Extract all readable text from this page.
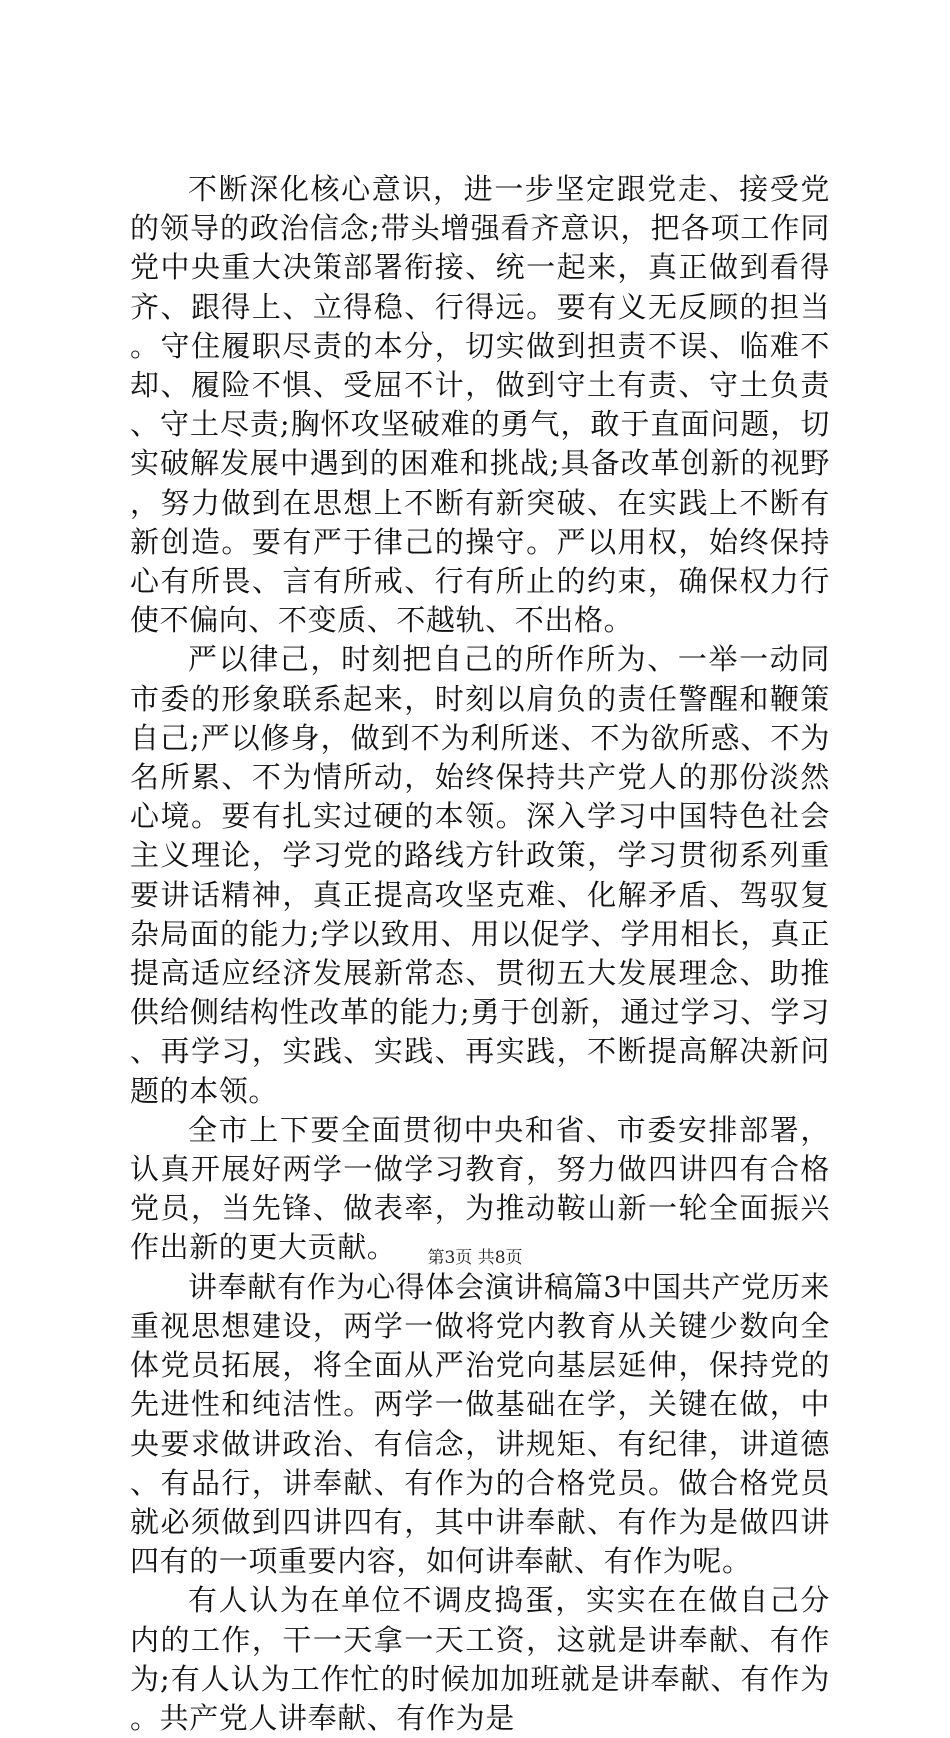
不断深化核心意识，进一步坚定跟党走、接受党的领导的政治信念;带头增强看齐意识，把各项工作同党中央重大决策部署衔接、统一起来，真正做到看得齐、跟得上、立得稳、行得远。要有义无反顾的担当。守住履职尽责的本分，切实做到担责不误、临难不却、履险不惧、受屈不计，做到守土有责、守土负责、守土尽责;胸怀攻坚破难的勇气，敢于直面问题，切实破解发展中遇到的困难和挑战;具备改革创新的视野，努力做到在思想上不断有新突破、在实践上不断有新创造。要有严于律己的操守。严以用权，始终保持心有所畏、言有所戒、行有所止的约束，确保权力行使不偏向、不变质、不越轨、不出格。

严以律己，时刻把自己的所作所为、一举一动同市委的形象联系起来，时刻以肩负的责任警醒和鞭策自己;严以修身，做到不为利所迷、不为欲所惑、不为名所累、不为情所动，始终保持共产党人的那份淡然心境。要有扎实过硬的本领。深入学习中国特色社会主义理论，学习党的路线方针政策，学习贯彻系列重要讲话精神，真正提高攻坚克难、化解矛盾、驾驭复杂局面的能力;学以致用、用以促学、学用相长，真正提高适应经济发展新常态、贯彻五大发展理念、助推供给侧结构性改革的能力;勇于创新，通过学习、学习、再学习，实践、实践、再实践，不断提高解决新问题的本领。

全市上下要全面贯彻中央和省、市委安排部署，认真开展好两学一做学习教育，努力做四讲四有合格党员，当先锋、做表率，为推动鞍山新一轮全面振兴作出新的更大贡献。

讲奉献有作为心得体会演讲稿篇3中国共产党历来重视思想建设，两学一做将党内教育从关键少数向全体党员拓展，将全面从严治党向基层延伸，保持党的先进性和纯洁性。两学一做基础在学，关键在做，中央要求做讲政治、有信念，讲规矩、有纪律，讲道德、有品行，讲奉献、有作为的合格党员。做合格党员就必须做到四讲四有，其中讲奉献、有作为是做四讲四有的一项重要内容，如何讲奉献、有作为呢。

有人认为在单位不调皮捣蛋，实实在在做自己分内的工作，干一天拿一天工资，这就是讲奉献、有作为;有人认为工作忙的时候加加班就是讲奉献、有作为。共产党人讲奉献、有作为是

第3页 共8页
